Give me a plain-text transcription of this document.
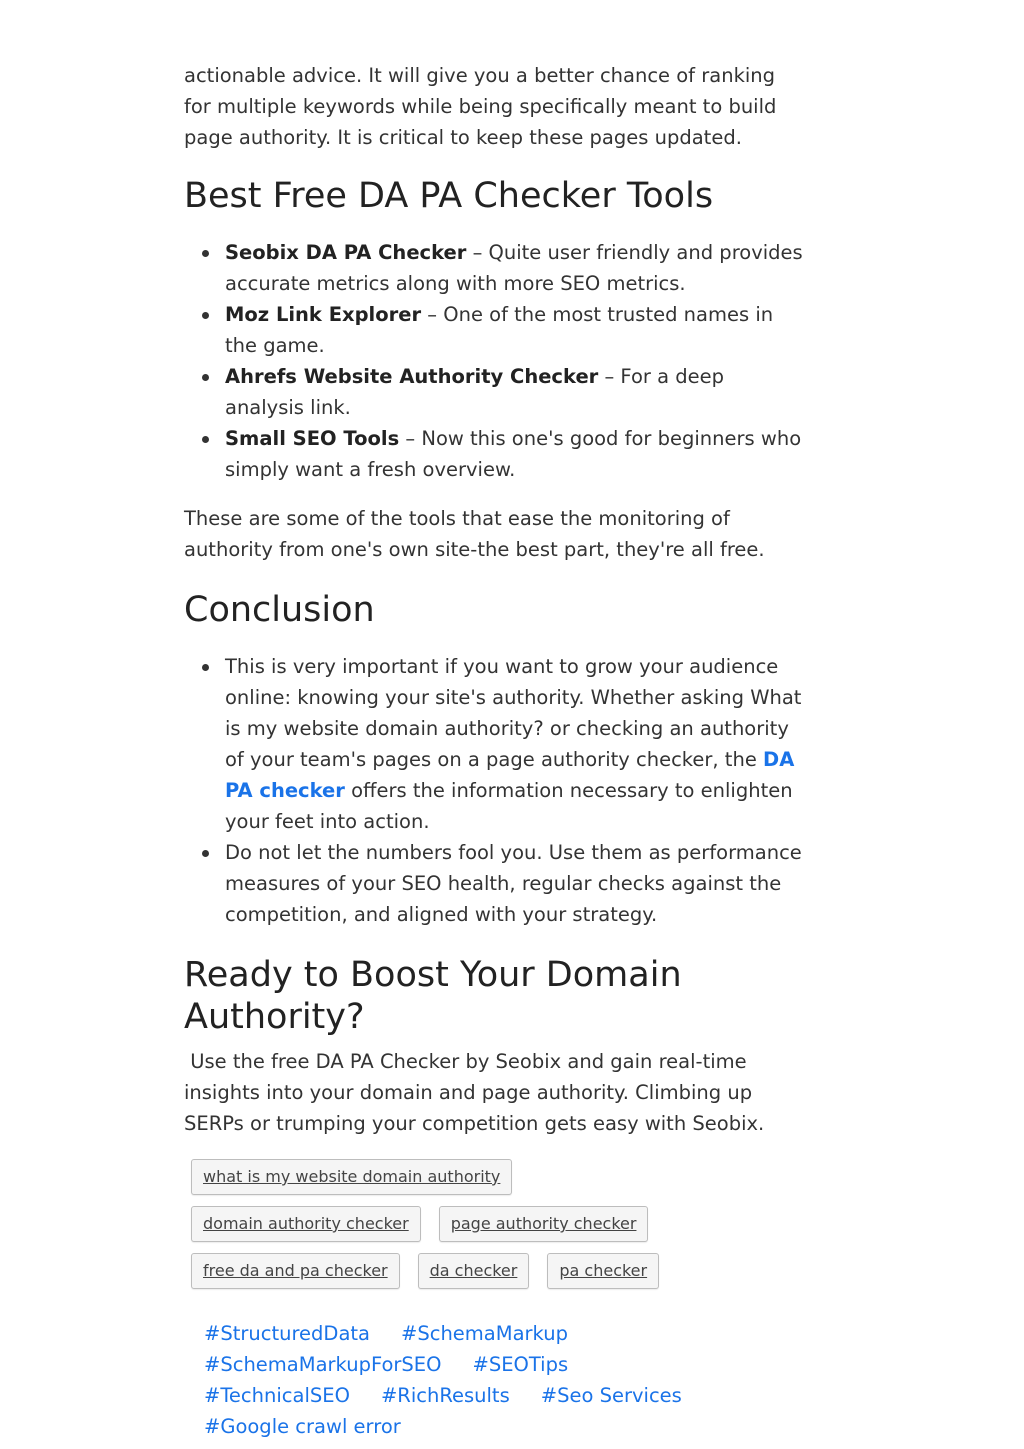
actionable advice. It will give you a better chance of ranking for multiple keywords while being specifically meant to build page authority. It is critical to keep these pages updated.

Best Free DA PA Checker Tools
Seobix DA PA Checker – Quite user friendly and provides accurate metrics along with more SEO metrics.
Moz Link Explorer – One of the most trusted names in the game.
Ahrefs Website Authority Checker – For a deep analysis link.
Small SEO Tools – Now this one's good for beginners who simply want a fresh overview.

These are some of the tools that ease the monitoring of authority from one's own site-the best part, they're all free.

Conclusion
This is very important if you want to grow your audience online: knowing your site's authority. Whether asking What is my website domain authority? or checking an authority of your team's pages on a page authority checker, the DA PA checker offers the information necessary to enlighten your feet into action.
Do not let the numbers fool you. Use them as performance measures of your SEO health, regular checks against the competition, and aligned with your strategy.
Ready to Boost Your Domain Authority?

Use the free DA PA Checker by Seobix and gain real-time insights into your domain and page authority. Climbing up SERPs or trumping your competition gets easy with Seobix.

what is my website domain authority
domain authority checker	page authority checker
free da and pa checker	da checker	pa checker
#StructuredData #SchemaMarkup
#SchemaMarkupForSEO #SEOTips
#TechnicalSEO #RichResults #Seo Services
#Google crawl error
